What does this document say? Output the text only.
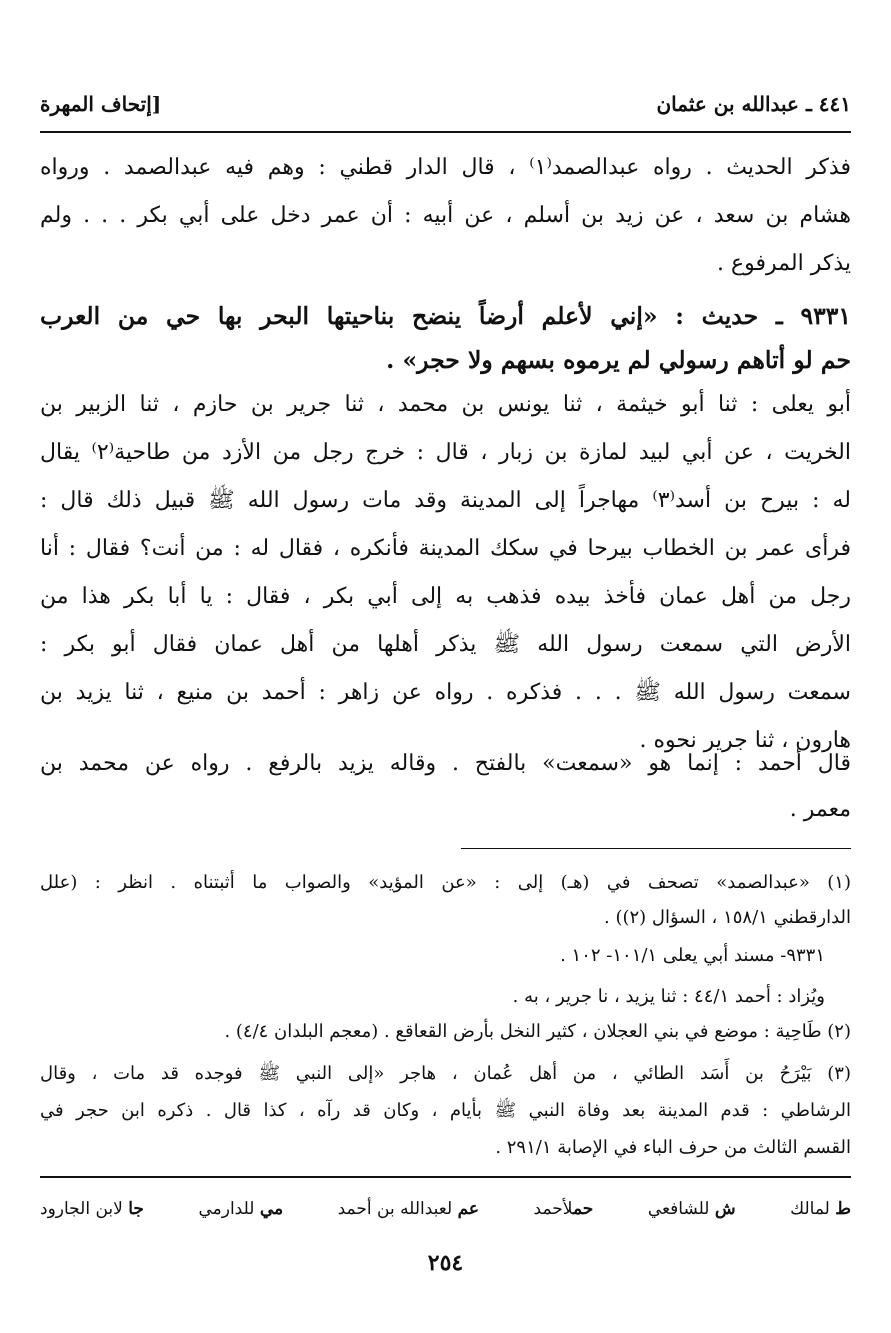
٤٤١ ـ عبدالله بن عثمان
[إتحاف المهرة
فذكر الحديث . رواه عبدالصمد⁽١⁾ ، قال الدار قطني : وهم فيه عبدالصمد . ورواه
هشام بن سعد ، عن زيد بن أسلم ، عن أبيه : أن عمر دخل على أبي بكر . . . ولم
يذكر المرفوع .
٩٣٣١ ـ حديث : «إني لأعلم أرضاً ينضح بناحيتها البحر بها حي من العرب
حم لو أتاهم رسولي لم يرموه بسهم ولا حجر» .
أبو يعلى : ثنا أبو خيثمة ، ثنا يونس بن محمد ، ثنا جرير بن حازم ، ثنا الزبير بن
الخريت ، عن أبي لبيد لمازة بن زبار ، قال : خرج رجل من الأزد من طاحية⁽٢⁾ يقال
له : بيرح بن أسد⁽٣⁾ مهاجراً إلى المدينة وقد مات رسول الله ﷺ قبيل ذلك قال :
فرأى عمر بن الخطاب بيرحا في سكك المدينة فأنكره ، فقال له : من أنت؟ فقال : أنا
رجل من أهل عمان فأخذ بيده فذهب به إلى أبي بكر ، فقال : يا أبا بكر هذا من
الأرض التي سمعت رسول الله ﷺ يذكر أهلها من أهل عمان فقال أبو بكر :
سمعت رسول الله ﷺ . . . فذكره . رواه عن زاهر : أحمد بن منيع ، ثنا يزيد بن
هارون ، ثنا جرير نحوه .
قال أحمد : إنما هو «سمعت» بالفتح . وقاله يزيد بالرفع . رواه عن محمد بن
معمر .
(١) «عبدالصمد» تصحف في (هـ) إلى : «عن المؤيد» والصواب ما أثبتناه . انظر : (علل
الدارقطني ١٥٨/١ ، السؤال (٢)) .
٩٣٣١- مسند أبي يعلى ١٠١/١- ١٠٢ .
ويُزاد : أحمد ٤٤/١ : ثنا يزيد ، نا جرير ، به .
(٢) طَاحِية : موضع في بني العجلان ، كثير النخل بأرض القعاقع . (معجم البلدان ٤/٤) .
(٣) بَيْرَحُ بن أَسَد الطائي ، من أهل عُمان ، هاجر «إلى النبي ﷺ فوجده قد مات ، وقال
الرشاطي : قدم المدينة بعد وفاة النبي ﷺ بأيام ، وكان قد رآه ، كذا قال . ذكره ابن حجر في
القسم الثالث من حرف الباء في الإصابة ٢٩١/١ .
ط لمالك
ش للشافعي
حملأحمد
عم لعبدالله بن أحمد
مي للدارمي
جا لابن الجارود
٢٥٤
